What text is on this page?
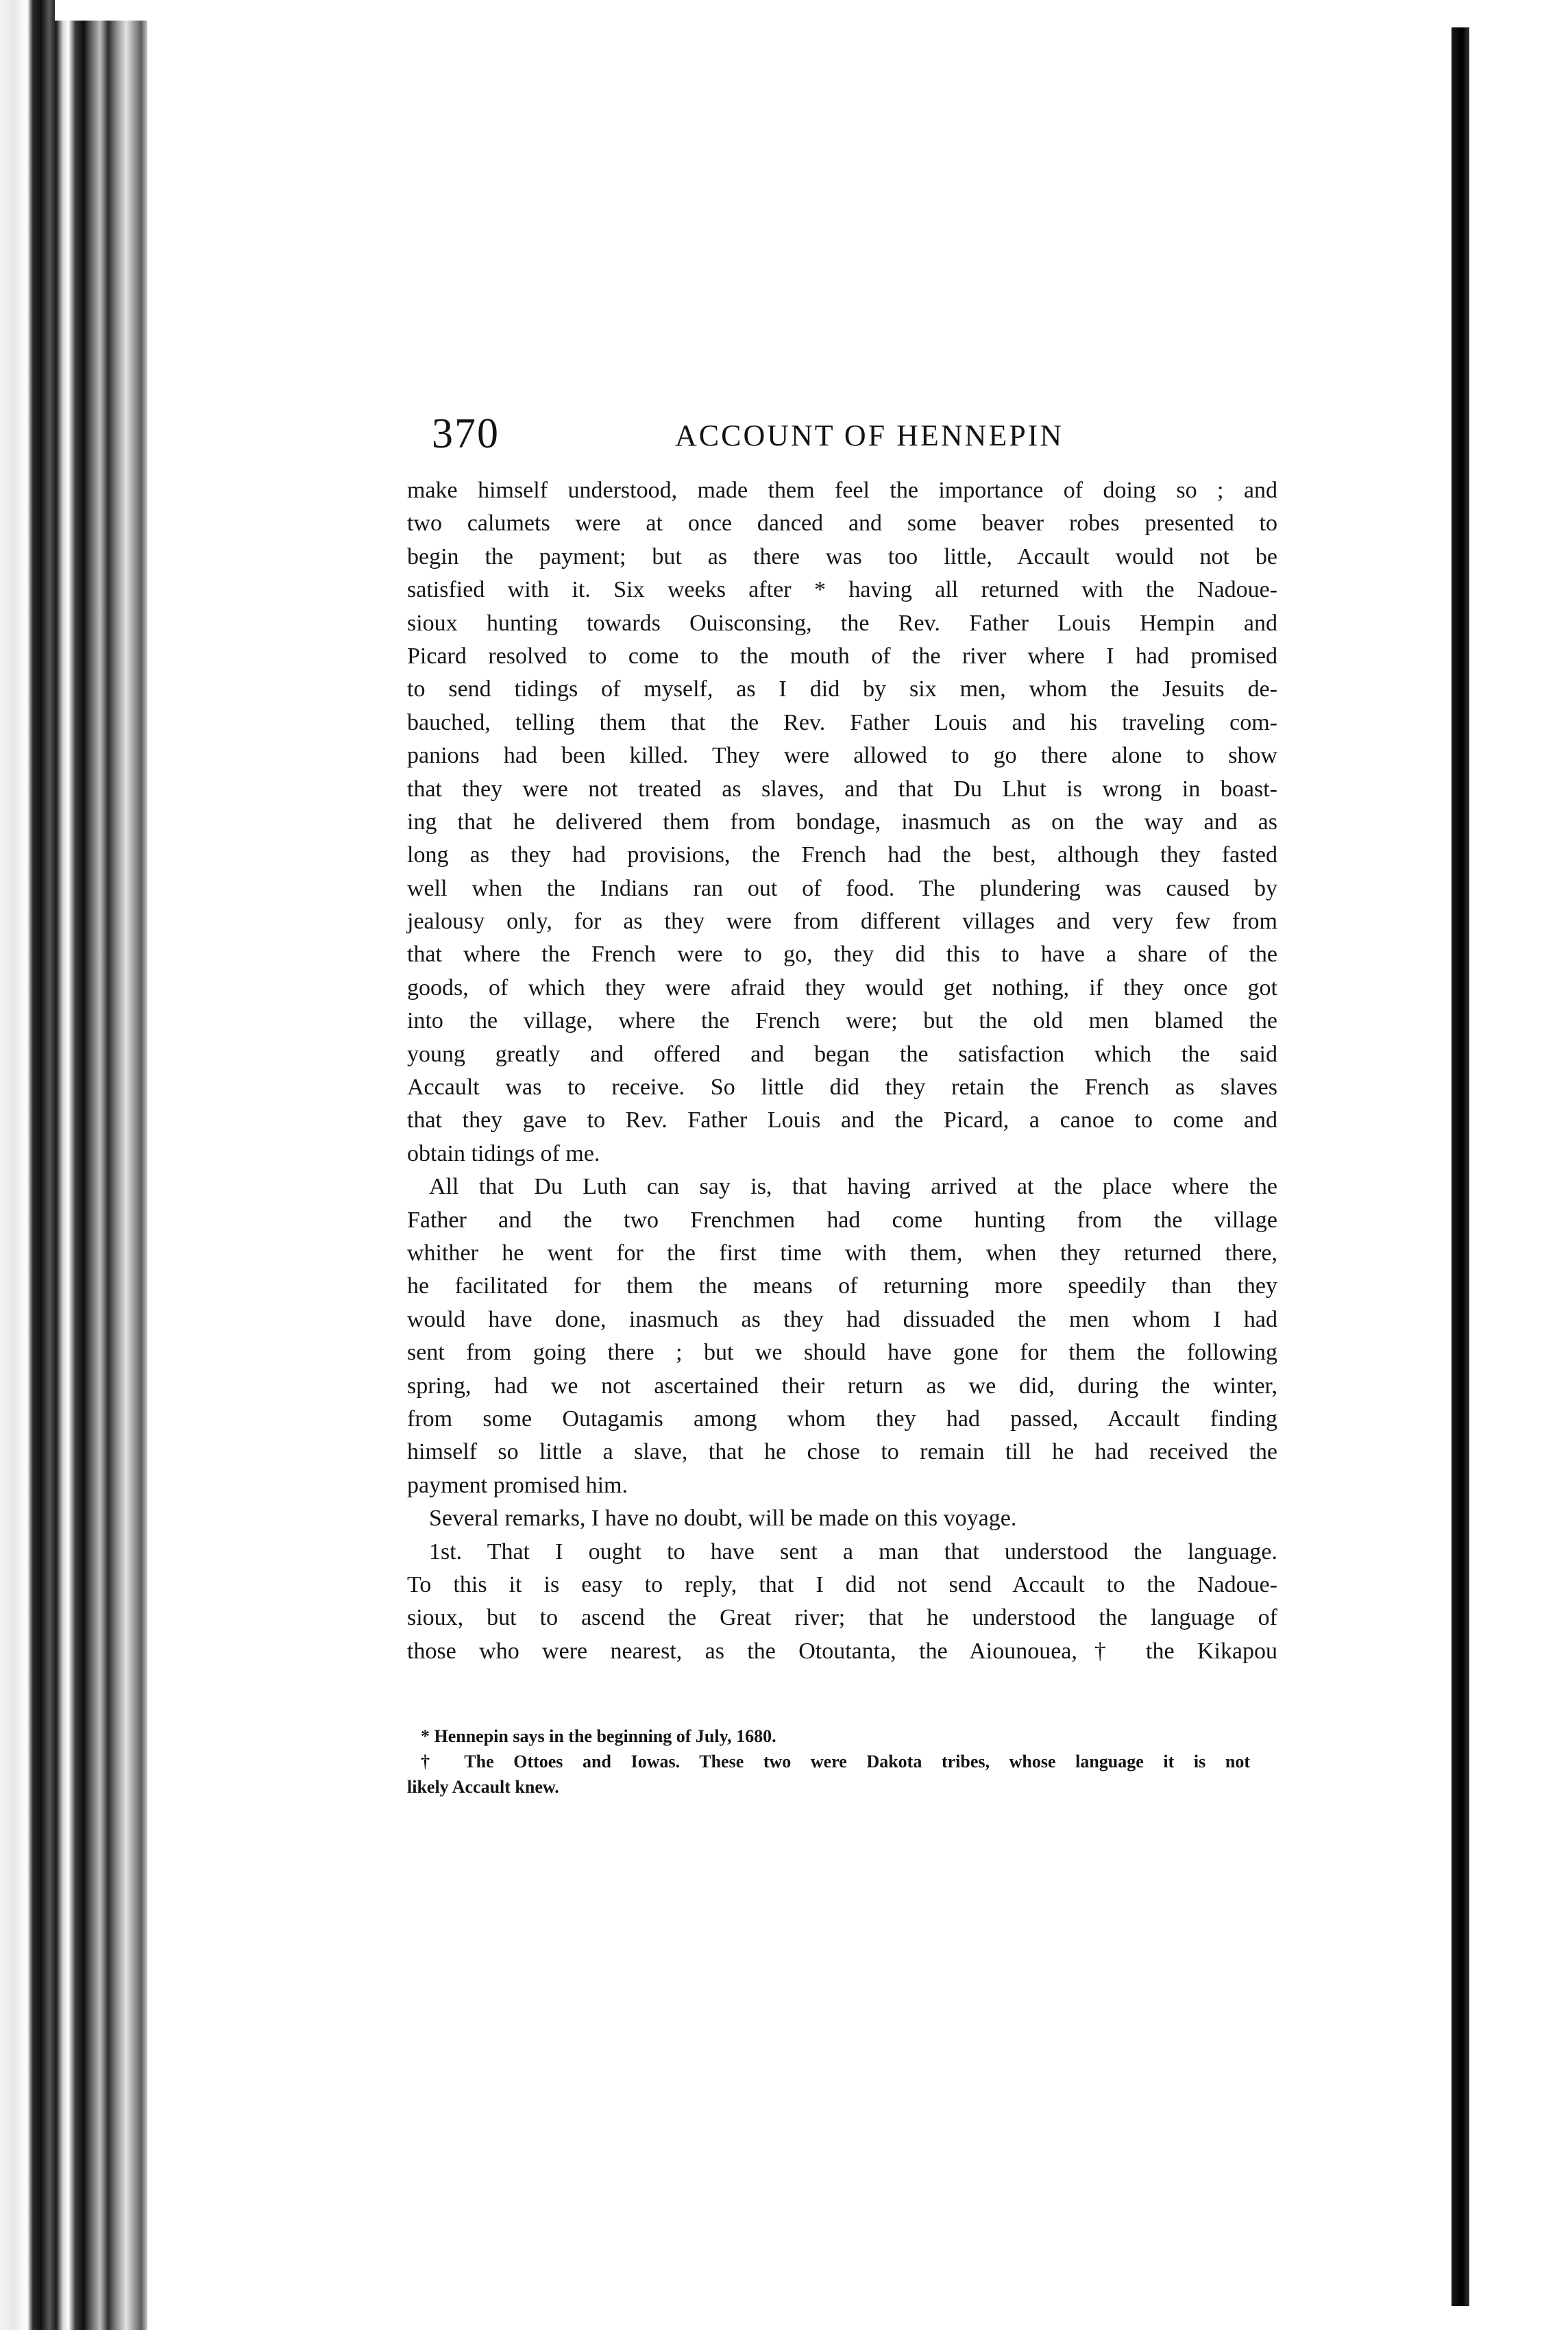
370	ACCOUNT OF HENNEPIN
make himself understood, made them feel the importance of doing so ; and
two calumets were at once danced and some beaver robes presented to
begin the payment; but as there was too little, Accault would not be
satisfied with it. Six weeks after * having all returned with the Nadoue-
sioux hunting towards Ouisconsing, the Rev. Father Louis Hempin and
Picard resolved to come to the mouth of the river where I had promised
to send tidings of myself, as I did by six men, whom the Jesuits de-
bauched, telling them that the Rev. Father Louis and his traveling com-
panions had been killed. They were allowed to go there alone to show
that they were not treated as slaves, and that Du Lhut is wrong in boast-
ing that he delivered them from bondage, inasmuch as on the way and as
long as they had provisions, the French had the best, although they fasted
well when the Indians ran out of food. The plundering was caused by
jealousy only, for as they were from different villages and very few from
that where the French were to go, they did this to have a share of the
goods, of which they were afraid they would get nothing, if they once got
into the village, where the French were; but the old men blamed the
young greatly and offered and began the satisfaction which the said
Accault was to receive. So little did they retain the French as slaves
that they gave to Rev. Father Louis and the Picard, a canoe to come and
obtain tidings of me.
All that Du Luth can say is, that having arrived at the place where the
Father and the two Frenchmen had come hunting from the village
whither he went for the first time with them, when they returned there,
he facilitated for them the means of returning more speedily than they
would have done, inasmuch as they had dissuaded the men whom I had
sent from going there ; but we should have gone for them the following
spring, had we not ascertained their return as we did, during the winter,
from some Outagamis among whom they had passed, Accault finding
himself so little a slave, that he chose to remain till he had received the
payment promised him.
Several remarks, I have no doubt, will be made on this voyage.
1st. That I ought to have sent a man that understood the language.
To this it is easy to reply, that I did not send Accault to the Nadoue-
sioux, but to ascend the Great river; that he understood the language of
those who were nearest, as the Otoutanta, the Aiounouea,† the Kikapou
* Hennepin says in the beginning of July, 1680.
† The Ottoes and Iowas. These two were Dakota tribes, whose language it is not
likely Accault knew.
